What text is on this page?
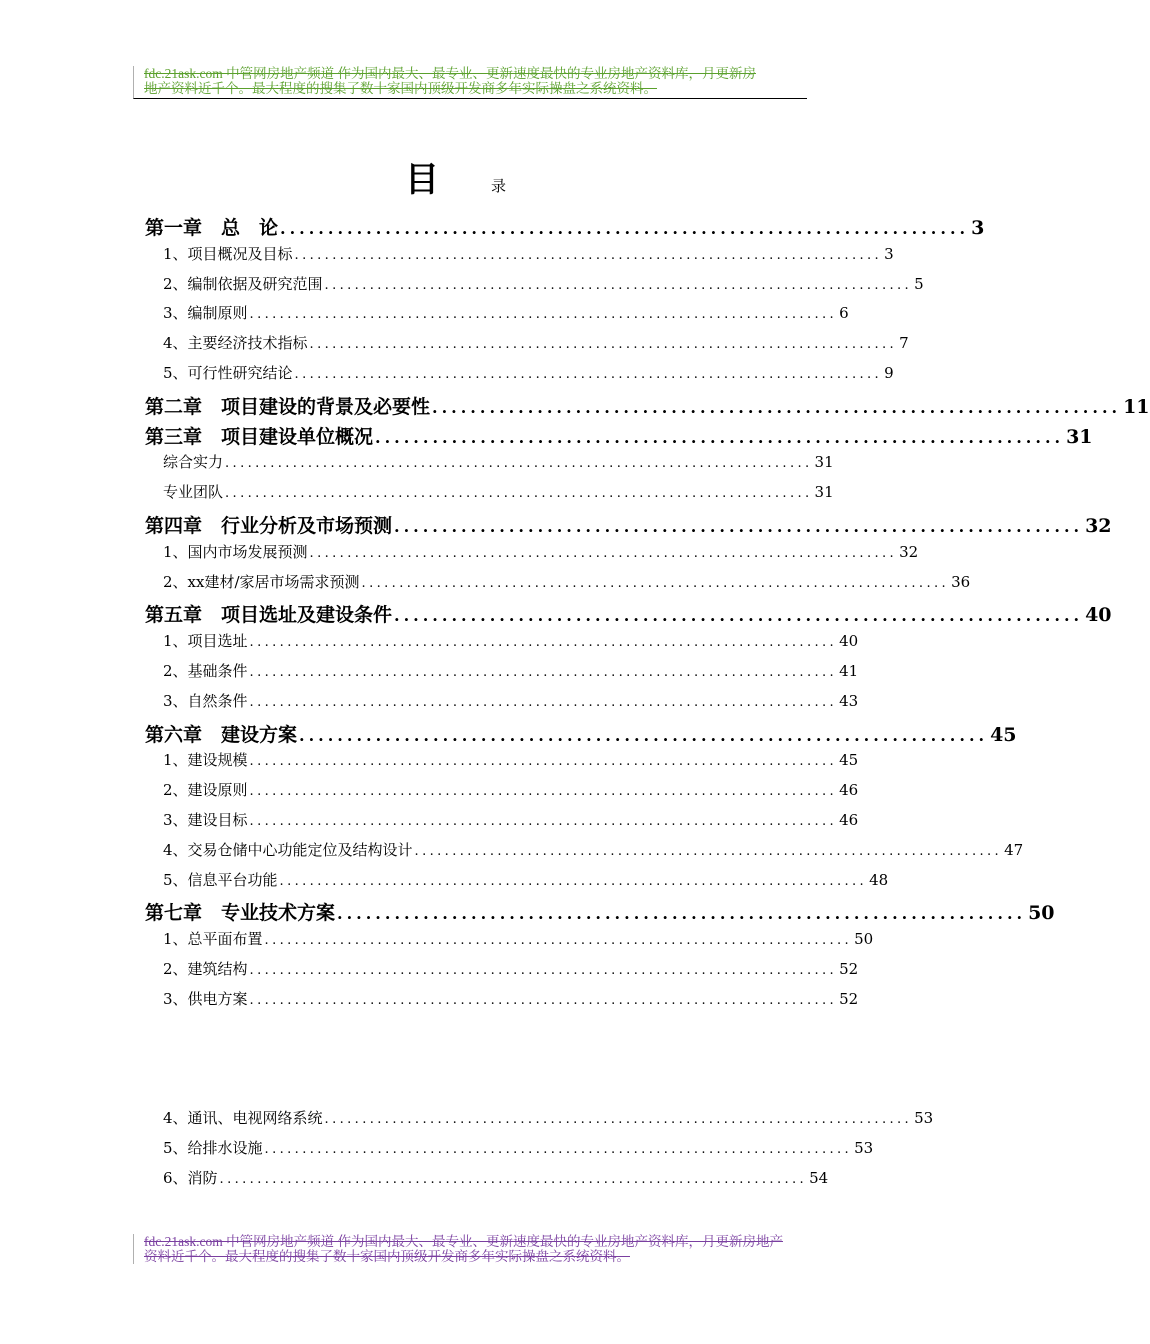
fdc.21ask.com 中管网房地产频道 作为国内最大、最专业、更新速度最快的专业房地产资料库，月更新房
地产资料近千个。最大程度的搜集了数十家国内顶级开发商多年实际操盘之系统资料。
目	录
第一章　总　论 ........................................................................ 3
1、项目概况及目标 .............................................................................. 3
2、编制依据及研究范围 .............................................................................. 5
3、编制原则 .............................................................................. 6
4、主要经济技术指标 .............................................................................. 7
5、可行性研究结论 .............................................................................. 9
第二章　项目建设的背景及必要性 ........................................................................ 11
第三章　项目建设单位概况 ........................................................................ 31
综合实力 .............................................................................. 31
专业团队 .............................................................................. 31
第四章　行业分析及市场预测 ........................................................................ 32
1、国内市场发展预测 .............................................................................. 32
2、xx建材/家居市场需求预测 .............................................................................. 36
第五章　项目选址及建设条件 ........................................................................ 40
1、项目选址 .............................................................................. 40
2、基础条件 .............................................................................. 41
3、自然条件 .............................................................................. 43
第六章　建设方案 ........................................................................ 45
1、建设规模 .............................................................................. 45
2、建设原则 .............................................................................. 46
3、建设目标 .............................................................................. 46
4、交易仓储中心功能定位及结构设计 .............................................................................. 47
5、信息平台功能 .............................................................................. 48
第七章　专业技术方案 ........................................................................ 50
1、总平面布置 .............................................................................. 50
2、建筑结构 .............................................................................. 52
3、供电方案 .............................................................................. 52
4、通讯、电视网络系统 .............................................................................. 53
5、给排水设施 .............................................................................. 53
6、消防 .............................................................................. 54
fdc.21ask.com 中管网房地产频道 作为国内最大、最专业、更新速度最快的专业房地产资料库，月更新房地产
资料近千个。最大程度的搜集了数十家国内顶级开发商多年实际操盘之系统资料。
